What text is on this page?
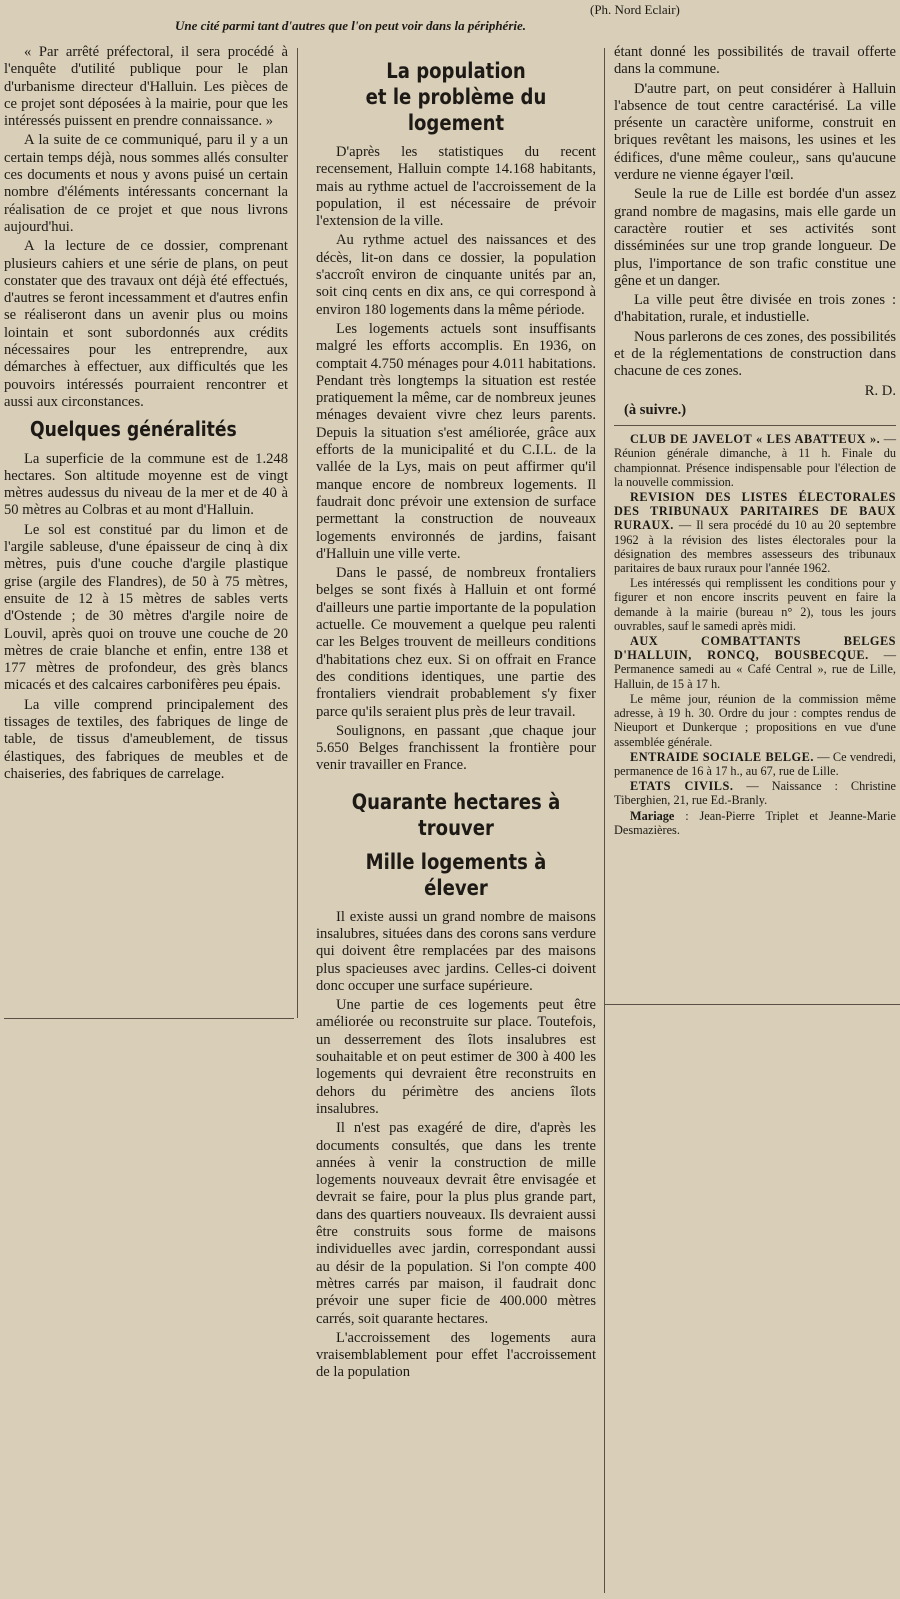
(Ph. Nord Eclair)
Une cité parmi tant d'autres que l'on peut voir dans la périphérie.

« Par arrêté préfectoral, il sera procédé à l'enquête d'utilité publique pour le plan d'urbanisme directeur d'Halluin. Les pièces de ce projet sont déposées à la mairie, pour que les intéressés puissent en prendre connaissance. »

A la suite de ce communiqué, paru il y a un certain temps déjà, nous sommes allés consulter ces documents et nous y avons puisé un certain nombre d'éléments intéressants concernant la réalisation de ce projet et que nous livrons aujourd'hui.

A la lecture de ce dossier, comprenant plusieurs cahiers et une série de plans, on peut constater que des travaux ont déjà été effectués, d'autres se feront incessamment et d'autres enfin se réaliseront dans un avenir plus ou moins lointain et sont subordonnés aux crédits nécessaires pour les entreprendre, aux démarches à effectuer, aux difficultés que les pouvoirs intéressés pourraient rencontrer et aussi aux circonstances.

Quelques généralités

La superficie de la commune est de 1.248 hectares. Son altitude moyenne est de vingt mètres audessus du niveau de la mer et de 40 à 50 mètres au Colbras et au mont d'Halluin.

Le sol est constitué par du limon et de l'argile sableuse, d'une épaisseur de cinq à dix mètres, puis d'une couche d'argile plastique grise (argile des Flandres), de 50 à 75 mètres, ensuite de 12 à 15 mètres de sables verts d'Ostende ; de 30 mètres d'argile noire de Louvil, après quoi on trouve une couche de 20 mètres de craie blanche et enfin, entre 138 et 177 mètres de profondeur, des grès blancs micacés et des calcaires carbonifères peu épais.

La ville comprend principalement des tissages de textiles, des fabriques de linge de table, de tissus d'ameublement, de tissus élastiques, des fabriques de meubles et de chaiseries, des fabriques de carrelage.

La population
et le problème du logement

D'après les statistiques du recent recensement, Halluin compte 14.168 habitants, mais au rythme actuel de l'accroissement de la population, il est nécessaire de prévoir l'extension de la ville.

Au rythme actuel des naissances et des décès, lit-on dans ce dossier, la population s'accroît environ de cinquante unités par an, soit cinq cents en dix ans, ce qui correspond à environ 180 logements dans la même période.

Les logements actuels sont insuffisants malgré les efforts accomplis. En 1936, on comptait 4.750 ménages pour 4.011 habitations. Pendant très longtemps la situation est restée pratiquement la même, car de nombreux jeunes ménages devaient vivre chez leurs parents. Depuis la situation s'est améliorée, grâce aux efforts de la municipalité et du C.I.L. de la vallée de la Lys, mais on peut affirmer qu'il manque encore de nombreux logements. Il faudrait donc prévoir une extension de surface permettant la construction de nouveaux logements environnés de jardins, faisant d'Halluin une ville verte.

Dans le passé, de nombreux frontaliers belges se sont fixés à Halluin et ont formé d'ailleurs une partie importante de la population actuelle. Ce mouvement a quelque peu ralenti car les Belges trouvent de meilleurs conditions d'habitations chez eux. Si on offrait en France des conditions identiques, une partie des frontaliers viendrait probablement s'y fixer parce qu'ils seraient plus près de leur travail.

Soulignons, en passant ,que chaque jour 5.650 Belges franchissent la frontière pour venir travailler en France.

Quarante hectares à trouver
Mille logements à élever

Il existe aussi un grand nombre de maisons insalubres, situées dans des corons sans verdure qui doivent être remplacées par des maisons plus spacieuses avec jardins. Celles-ci doivent donc occuper une surface supérieure.

Une partie de ces logements peut être améliorée ou reconstruite sur place. Toutefois, un desserrement des îlots insalubres est souhaitable et on peut estimer de 300 à 400 les logements qui devraient être reconstruits en dehors du périmètre des anciens îlots insalubres.

Il n'est pas exagéré de dire, d'après les documents consultés, que dans les trente années à venir la construction de mille logements nouveaux devrait être envisagée et devrait se faire, pour la plus plus grande part, dans des quartiers nouveaux. Ils devraient aussi être construits sous forme de maisons individuelles avec jardin, correspondant aussi au désir de la population. Si l'on compte 400 mètres carrés par maison, il faudrait donc prévoir une super ficie de 400.000 mètres carrés, soit quarante hectares.

L'accroissement des logements aura vraisemblablement pour effet l'accroissement de la population

étant donné les possibilités de travail offerte dans la commune.

D'autre part, on peut considérer à Halluin l'absence de tout centre caractérisé. La ville présente un caractère uniforme, construit en briques revêtant les maisons, les usines et les édifices, d'une même couleur,, sans qu'aucune verdure ne vienne égayer l'œil.

Seule la rue de Lille est bordée d'un assez grand nombre de magasins, mais elle garde un caractère routier et ses activités sont disséminées sur une trop grande longueur. De plus, l'importance de son trafic constitue une gêne et un danger.

La ville peut être divisée en trois zones : d'habitation, rurale, et industielle.

Nous parlerons de ces zones, des possibilités et de la réglementations de construction dans chacune de ces zones.

R. D.

(à suivre.)

CLUB DE JAVELOT « LES ABATTEUX ». — Réunion générale dimanche, à 11 h. Finale du championnat. Présence indispensable pour l'élection de la nouvelle commission.

REVISION DES LISTES ÉLECTORALES DES TRIBUNAUX PARITAIRES DE BAUX RURAUX. — Il sera procédé du 10 au 20 septembre 1962 à la révision des listes électorales pour la désignation des membres assesseurs des tribunaux paritaires de baux ruraux pour l'année 1962.

Les intéressés qui remplissent les conditions pour y figurer et non encore inscrits peuvent en faire la demande à la mairie (bureau n° 2), tous les jours ouvrables, sauf le samedi après midi.

AUX COMBATTANTS BELGES D'HALLUIN, RONCQ, BOUSBECQUE. — Permanence samedi au « Café Central », rue de Lille, Halluin, de 15 à 17 h.

Le même jour, réunion de la commission même adresse, à 19 h. 30. Ordre du jour : comptes rendus de Nieuport et Dunkerque ; propositions en vue d'une assemblée générale.

ENTRAIDE SOCIALE BELGE. — Ce vendredi, permanence de 16 à 17 h., au 67, rue de Lille.

ETATS CIVILS. — Naissance : Christine Tiberghien, 21, rue Ed.-Branly.

Mariage : Jean-Pierre Triplet et Jeanne-Marie Desmazières.
